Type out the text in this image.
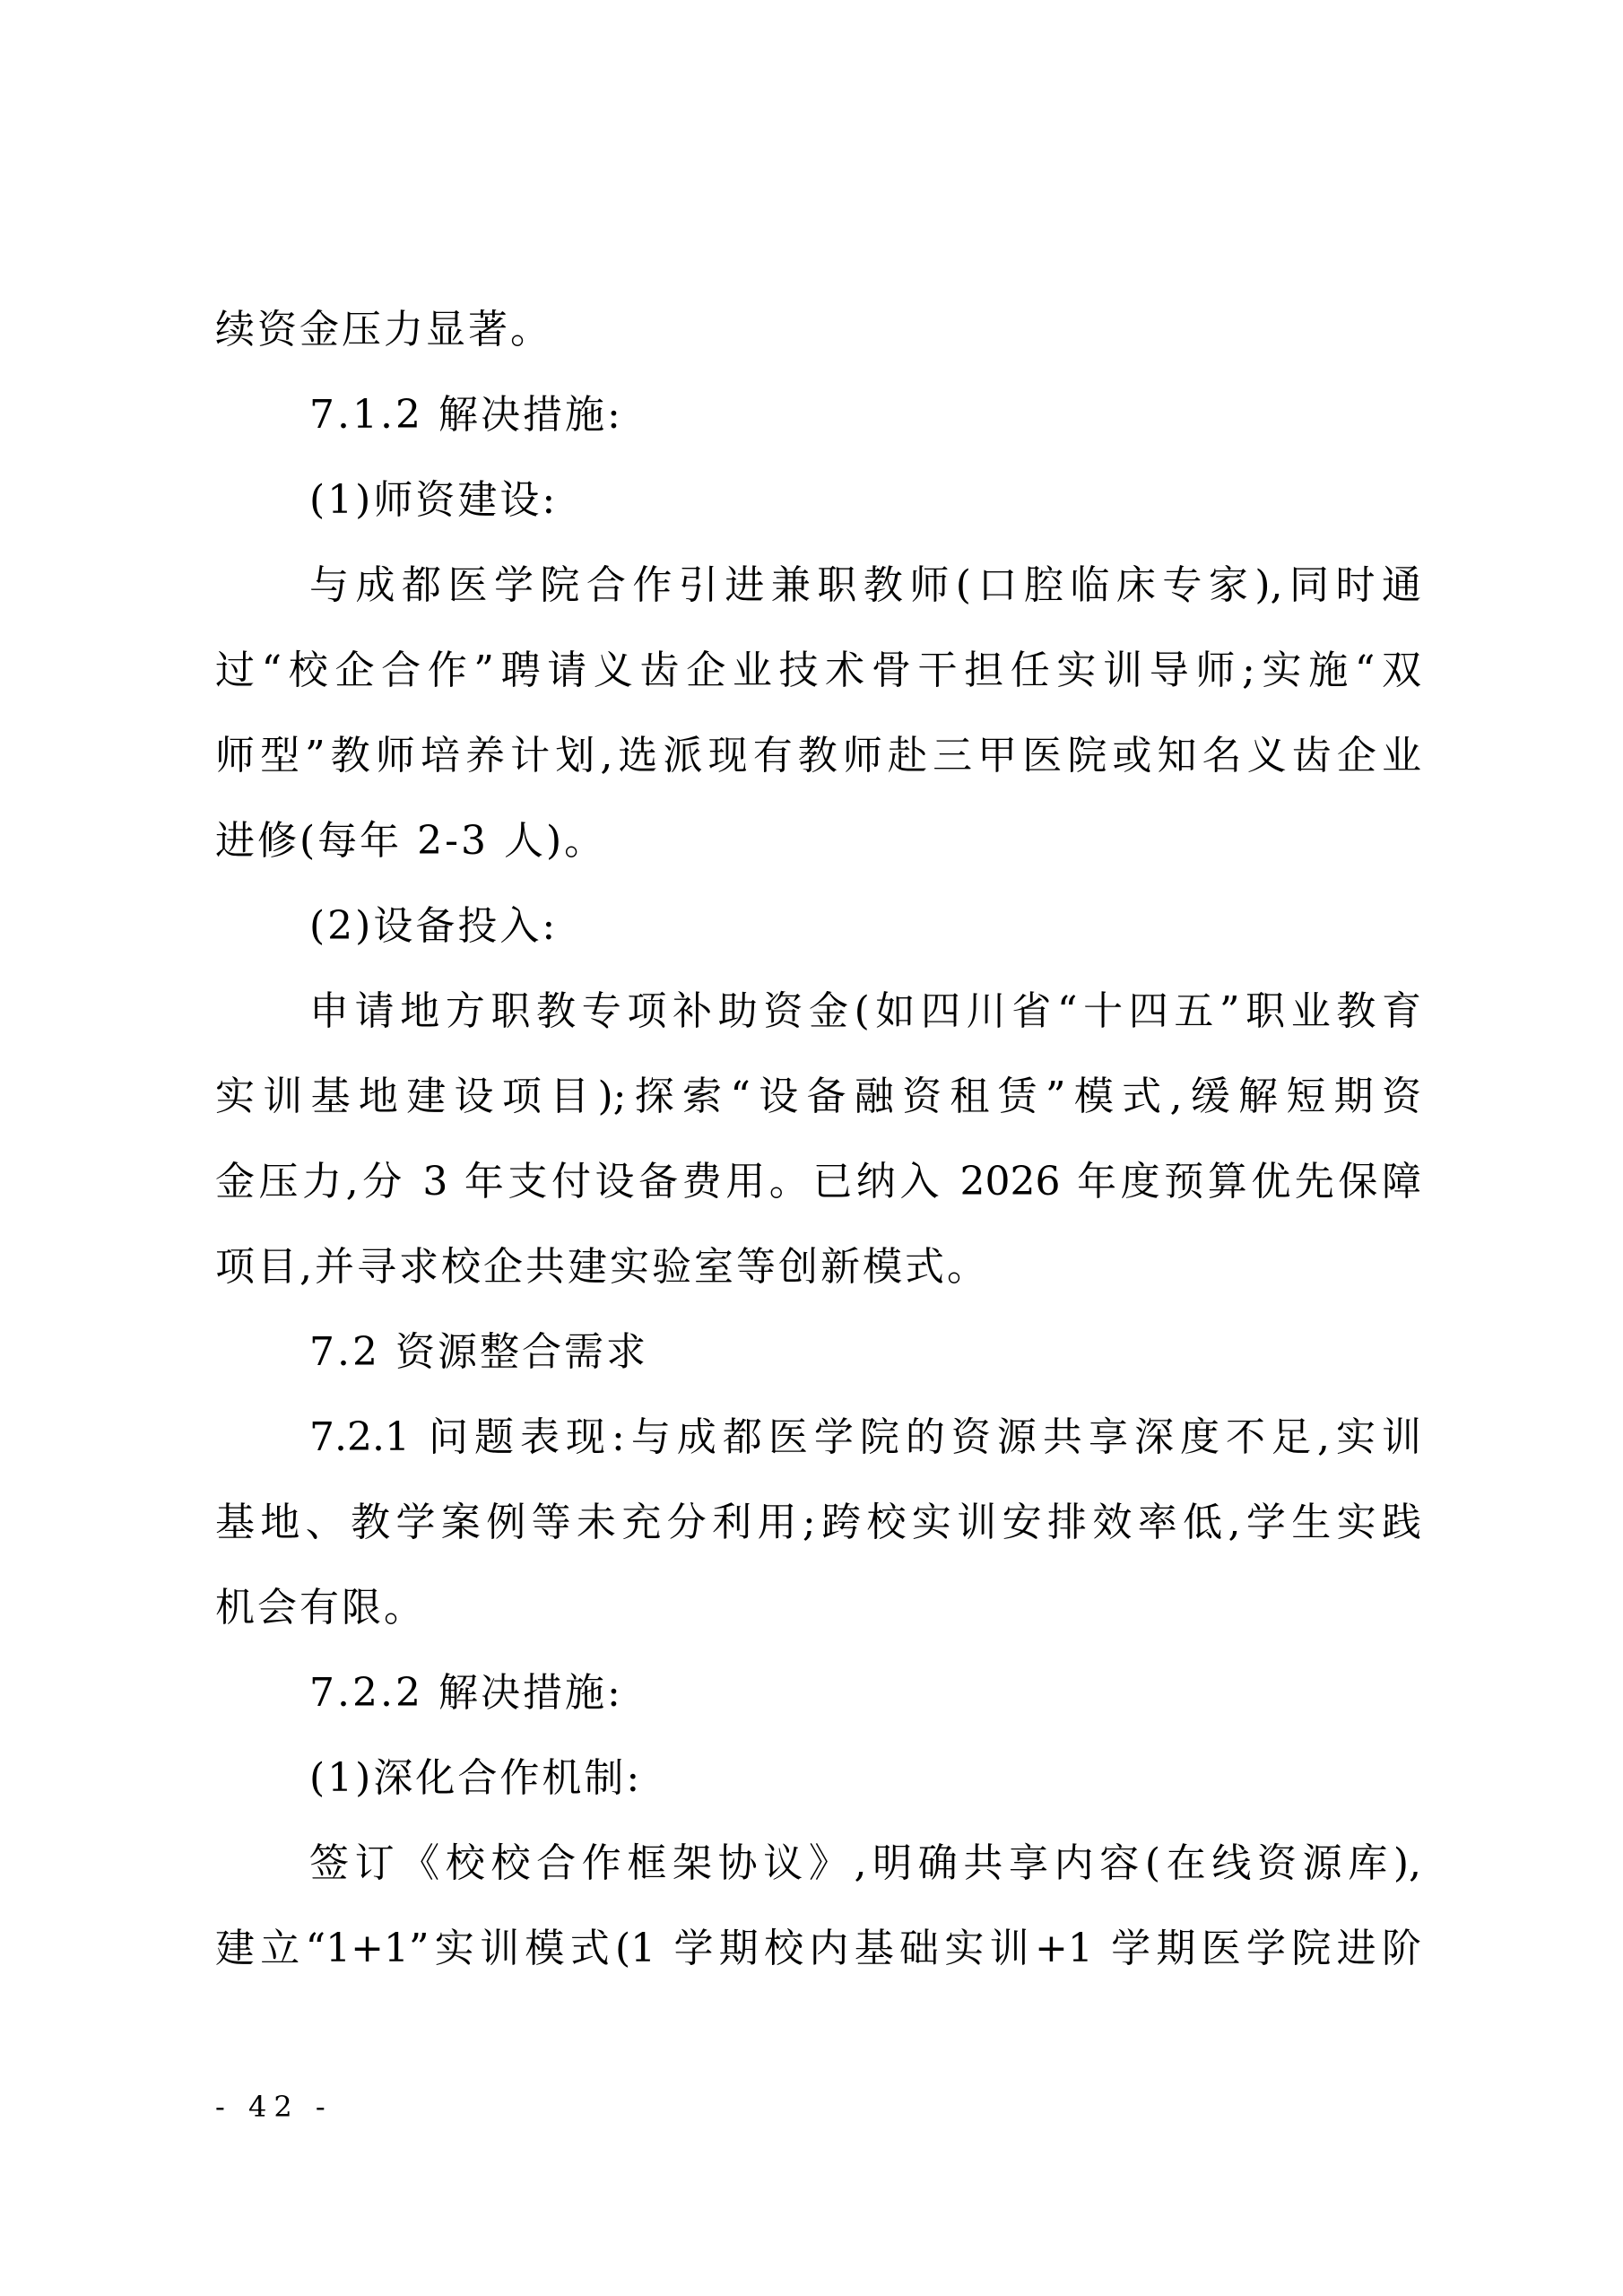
续资金压力显著。
7.1.2 解决措施:
(1)师资建设:
与成都医学院合作引进兼职教师(口腔临床专家),同时通
过“校企合作”聘请义齿企业技术骨干担任实训导师;实施“双
师型”教师培养计划,选派现有教师赴三甲医院或知名义齿企业
进修(每年 2-3 人)。
(2)设备投入:
申请地方职教专项补助资金(如四川省“十四五”职业教育
实训基地建设项目);探索“设备融资租赁”模式,缓解短期资
金压力,分 3 年支付设备费用。已纳入 2026 年度预算优先保障
项目,并寻求校企共建实验室等创新模式。
7.2 资源整合需求
7.2.1 问题表现:与成都医学院的资源共享深度不足,实训
基地、教学案例等未充分利用;跨校实训安排效率低,学生实践
机会有限。
7.2.2 解决措施:
(1)深化合作机制:
签订《校校合作框架协议》,明确共享内容(在线资源库),
建立“1+1”实训模式(1 学期校内基础实训+1 学期医学院进阶
- 42 -
